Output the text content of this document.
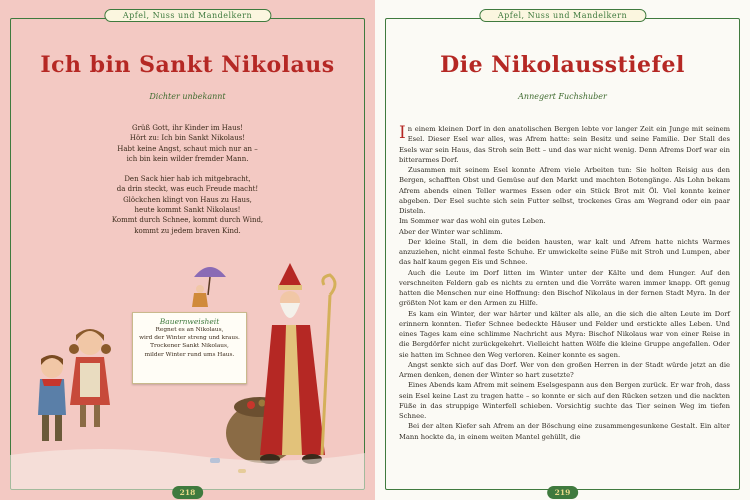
Apfel, Nuss und Mandelkern
Ich bin Sankt Nikolaus
Dichter unbekannt
Grüß Gott, ihr Kinder im Haus!
Hört zu: Ich bin Sankt Nikolaus!
Habt keine Angst, schaut mich nur an –
ich bin kein wilder fremder Mann.
Den Sack hier hab ich mitgebracht,
da drin steckt, was euch Freude macht!
Glöckchen klingt von Haus zu Haus,
heute kommt Sankt Nikolaus!
Kommt durch Schnee, kommt durch Wind,
kommt zu jedem braven Kind.
Bauernweisheit
Regnet es an Nikolaus,
wird der Winter streng und kraus.
Trockener Sankt Nikolaus,
milder Winter rund ums Haus.
218
Apfel, Nuss und Mandelkern
Die Nikolausstiefel
Annegert Fuchshuber

In einem kleinen Dorf in den anatolischen Bergen lebte vor langer Zeit ein Junge mit seinem Esel. Dieser Esel war alles, was Afrem hatte: sein Besitz und seine Familie. Der Stall des Esels war sein Haus, das Stroh sein Bett – und das war nicht wenig. Denn Afrems Dorf war ein bitterarmes Dorf.

Zusammen mit seinem Esel konnte Afrem viele Arbeiten tun: Sie holten Reisig aus den Bergen, schafften Obst und Gemüse auf den Markt und machten Botengänge. Als Lohn bekam Afrem abends einen Teller warmes Essen oder ein Stück Brot mit Öl. Viel konnte keiner abgeben. Der Esel suchte sich sein Futter selbst, trockenes Gras am Wegrand oder ein paar Disteln.

Im Sommer war das wohl ein gutes Leben.

Aber der Winter war schlimm.

Der kleine Stall, in dem die beiden hausten, war kalt und Afrem hatte nichts Warmes anzuziehen, nicht einmal feste Schuhe. Er umwickelte seine Füße mit Stroh und Lumpen, aber das half kaum gegen Eis und Schnee.

Auch die Leute im Dorf litten im Winter unter der Kälte und dem Hunger. Auf den verschneiten Feldern gab es nichts zu ernten und die Vorräte waren immer knapp. Oft genug hatten die Menschen nur eine Hoffnung: den Bischof Nikolaus in der fernen Stadt Myra. In der größten Not kam er den Armen zu Hilfe.

Es kam ein Winter, der war härter und kälter als alle, an die sich die alten Leute im Dorf erinnern konnten. Tiefer Schnee bedeckte Häuser und Felder und erstickte alles Leben. Und eines Tages kam eine schlimme Nachricht aus Myra: Bischof Nikolaus war von einer Reise in die Bergdörfer nicht zurückgekehrt. Vielleicht hatten Wölfe die kleine Gruppe angefallen. Oder sie hatten im Schnee den Weg verloren. Keiner konnte es sagen.

Angst senkte sich auf das Dorf. Wer von den großen Herren in der Stadt würde jetzt an die Armen denken, denen der Winter so hart zusetzte?

Eines Abends kam Afrem mit seinem Eselsgespann aus den Bergen zurück. Er war froh, dass sein Esel keine Last zu tragen hatte – so konnte er sich auf den Rücken setzen und die nackten Füße in das struppige Winterfell schieben. Vorsichtig suchte das Tier seinen Weg im tiefen Schnee.

Bei der alten Kiefer sah Afrem an der Böschung eine zusammengesunkene Gestalt. Ein alter Mann hockte da, in einem weiten Mantel gehüllt, die

219
